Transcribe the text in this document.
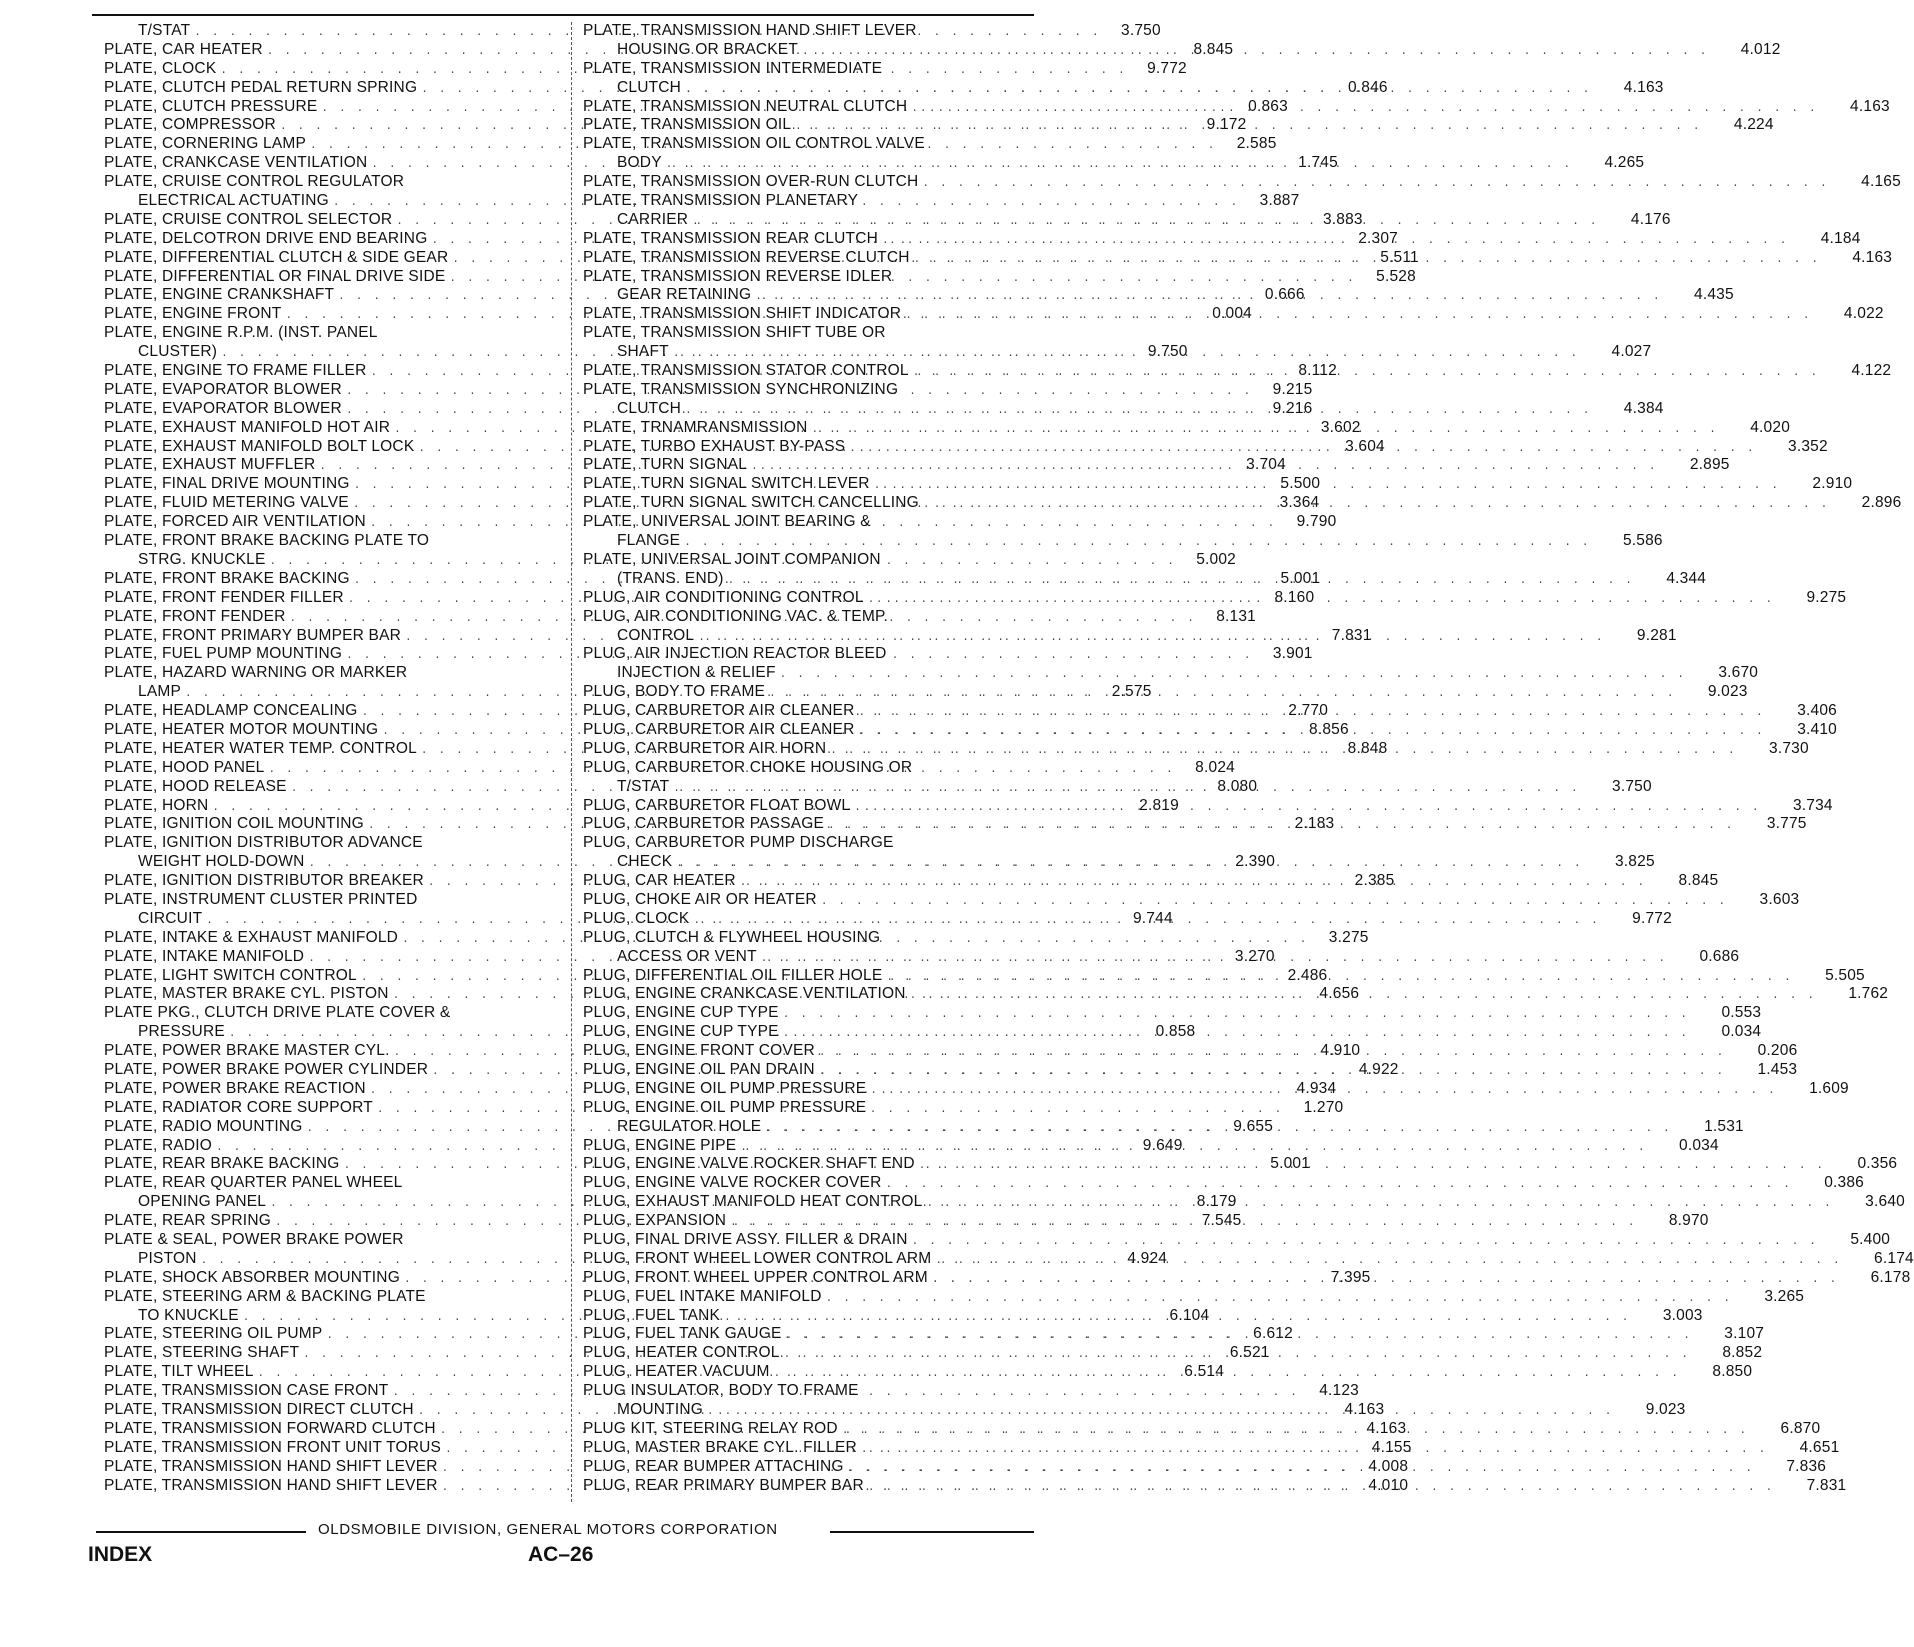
T/STAT . . .	3.750
PLATE, CAR HEATER . . .	8.845
PLATE, CLOCK . . .	9.772
PLATE, CLUTCH PEDAL RETURN SPRING . . .	0.846
PLATE, CLUTCH PRESSURE . . .	0.863
PLATE, COMPRESSOR . . .	9.172
PLATE, CORNERING LAMP . . .	2.585
PLATE, CRANKCASE VENTILATION . . .	1.745
PLATE, CRUISE CONTROL REGULATOR
ELECTRICAL ACTUATING . . .	3.887
PLATE, CRUISE CONTROL SELECTOR . . .	3.883
PLATE, DELCOTRON DRIVE END BEARING . . .	2.307
PLATE, DIFFERENTIAL CLUTCH & SIDE GEAR . . .	5.511
PLATE, DIFFERENTIAL OR FINAL DRIVE SIDE . . .	5.528
PLATE, ENGINE CRANKSHAFT . . .	0.666
PLATE, ENGINE FRONT . . .	0.004
PLATE, ENGINE R.P.M. (INST. PANEL
CLUSTER) . . .	9.750
PLATE, ENGINE TO FRAME FILLER . . .	8.112
PLATE, EVAPORATOR BLOWER . . .	9.215
PLATE, EVAPORATOR BLOWER . . .	9.216
PLATE, EXHAUST MANIFOLD HOT AIR . . .	3.602
PLATE, EXHAUST MANIFOLD BOLT LOCK . . .	3.604
PLATE, EXHAUST MUFFLER . . .	3.704
PLATE, FINAL DRIVE MOUNTING . . .	5.500
PLATE, FLUID METERING VALVE . . .	3.364
PLATE, FORCED AIR VENTILATION . . .	9.790
PLATE, FRONT BRAKE BACKING PLATE TO
STRG. KNUCKLE . . .	5.002
PLATE, FRONT BRAKE BACKING . . .	5.001
PLATE, FRONT FENDER FILLER . . .	8.160
PLATE, FRONT FENDER . . .	8.131
PLATE, FRONT PRIMARY BUMPER BAR . . .	7.831
PLATE, FUEL PUMP MOUNTING . . .	3.901
PLATE, HAZARD WARNING OR MARKER
LAMP . . .	2.575
PLATE, HEADLAMP CONCEALING . . .	2.770
PLATE, HEATER MOTOR MOUNTING . . .	8.856
PLATE, HEATER WATER TEMP. CONTROL . . .	8.848
PLATE, HOOD PANEL . . .	8.024
PLATE, HOOD RELEASE . . .	8.080
PLATE, HORN . . .	2.819
PLATE, IGNITION COIL MOUNTING . . .	2.183
PLATE, IGNITION DISTRIBUTOR ADVANCE
WEIGHT HOLD-DOWN . . .	2.390
PLATE, IGNITION DISTRIBUTOR BREAKER . . .	2.385
PLATE, INSTRUMENT CLUSTER PRINTED
CIRCUIT . . .	9.744
PLATE, INTAKE & EXHAUST MANIFOLD . . .	3.275
PLATE, INTAKE MANIFOLD . . .	3.270
PLATE, LIGHT SWITCH CONTROL . . .	2.486
PLATE, MASTER BRAKE CYL. PISTON . . .	4.656
PLATE PKG., CLUTCH DRIVE PLATE COVER &
PRESSURE . . .	0.858
PLATE, POWER BRAKE MASTER CYL. . . .	4.910
PLATE, POWER BRAKE POWER CYLINDER . . .	4.922
PLATE, POWER BRAKE REACTION . . .	4.934
PLATE, RADIATOR CORE SUPPORT . . .	1.270
PLATE, RADIO MOUNTING . . .	9.655
PLATE, RADIO . . .	9.649
PLATE, REAR BRAKE BACKING . . .	5.001
PLATE, REAR QUARTER PANEL WHEEL
OPENING PANEL . . .	8.179
PLATE, REAR SPRING . . .	7.545
PLATE & SEAL, POWER BRAKE POWER
PISTON . . .	4.924
PLATE, SHOCK ABSORBER MOUNTING . . .	7.395
PLATE, STEERING ARM & BACKING PLATE
TO KNUCKLE . . .	6.104
PLATE, STEERING OIL PUMP . . .	6.612
PLATE, STEERING SHAFT . . .	6.521
PLATE, TILT WHEEL . . .	6.514
PLATE, TRANSMISSION CASE FRONT . . .	4.123
PLATE, TRANSMISSION DIRECT CLUTCH . . .	4.163
PLATE, TRANSMISSION FORWARD CLUTCH . . .	4.163
PLATE, TRANSMISSION FRONT UNIT TORUS . . .	4.155
PLATE, TRANSMISSION HAND SHIFT LEVER . . .	4.008
PLATE, TRANSMISSION HAND SHIFT LEVER . . .	4.010
PLATE, TRANSMISSION HAND SHIFT LEVER
HOUSING OR BRACKET . . .	4.012
PLATE, TRANSMISSION INTERMEDIATE
CLUTCH . . .	4.163
PLATE, TRANSMISSION NEUTRAL CLUTCH . . .	4.163
PLATE, TRANSMISSION OIL . . .	4.224
PLATE, TRANSMISSION OIL CONTROL VALVE
BODY . . .	4.265
PLATE, TRANSMISSION OVER-RUN CLUTCH . . .	4.165
PLATE, TRANSMISSION PLANETARY
CARRIER . . .	4.176
PLATE, TRANSMISSION REAR CLUTCH . . .	4.184
PLATE, TRANSMISSION REVERSE CLUTCH . . .	4.163
PLATE, TRANSMISSION REVERSE IDLER
GEAR RETAINING . . .	4.435
PLATE, TRANSMISSION SHIFT INDICATOR . . .	4.022
PLATE, TRANSMISSION SHIFT TUBE OR
SHAFT . . .	4.027
PLATE, TRANSMISSION STATOR CONTROL . . .	4.122
PLATE, TRANSMISSION SYNCHRONIZING
CLUTCH . . .	4.384
PLATE, TRNAMRANSMISSION . . .	4.020
PLATE, TURBO EXHAUST BY-PASS . . .	3.352
PLATE, TURN SIGNAL . . .	2.895
PLATE, TURN SIGNAL SWITCH LEVER . . .	2.910
PLATE, TURN SIGNAL SWITCH CANCELLING . . .	2.896
PLATE, UNIVERSAL JOINT BEARING &
FLANGE . . .	5.586
PLATE, UNIVERSAL JOINT COMPANION
(TRANS. END) . . .	4.344
PLUG, AIR CONDITIONING CONTROL . . .	9.275
PLUG, AIR CONDITIONING VAC. & TEMP.
CONTROL . . .	9.281
PLUG, AIR INJECTION REACTOR BLEED
INJECTION & RELIEF . . .	3.670
PLUG, BODY TO FRAME . . .	9.023
PLUG, CARBURETOR AIR CLEANER . . .	3.406
PLUG, CARBURETOR AIR CLEANER . . .	3.410
PLUG, CARBURETOR AIR HORN . . .	3.730
PLUG, CARBURETOR CHOKE HOUSING OR
T/STAT . . .	3.750
PLUG, CARBURETOR FLOAT BOWL . . .	3.734
PLUG, CARBURETOR PASSAGE . . .	3.775
PLUG, CARBURETOR PUMP DISCHARGE
CHECK . . .	3.825
PLUG, CAR HEATER . . .	8.845
PLUG, CHOKE AIR OR HEATER . . .	3.603
PLUG, CLOCK . . .	9.772
PLUG, CLUTCH & FLYWHEEL HOUSING
ACCESS OR VENT . . .	0.686
PLUG, DIFFERENTIAL OIL FILLER HOLE . . .	5.505
PLUG, ENGINE CRANKCASE VENTILATION . . .	1.762
PLUG, ENGINE CUP TYPE . . .	0.553
PLUG, ENGINE CUP TYPE . . .	0.034
PLUG, ENGINE FRONT COVER . . .	0.206
PLUG, ENGINE OIL PAN DRAIN . . .	1.453
PLUG, ENGINE OIL PUMP PRESSURE . . .	1.609
PLUG, ENGINE OIL PUMP PRESSURE
REGULATOR HOLE . . .	1.531
PLUG, ENGINE PIPE . . .	0.034
PLUG, ENGINE VALVE ROCKER SHAFT END . . .	0.356
PLUG, ENGINE VALVE ROCKER COVER . . .	0.386
PLUG, EXHAUST MANIFOLD HEAT CONTROL . . .	3.640
PLUG, EXPANSION . . .	8.970
PLUG, FINAL DRIVE ASSY. FILLER & DRAIN . . .	5.400
PLUG, FRONT WHEEL LOWER CONTROL ARM . . .	6.174
PLUG, FRONT WHEEL UPPER CONTROL ARM . . .	6.178
PLUG, FUEL INTAKE MANIFOLD . . .	3.265
PLUG, FUEL TANK . . .	3.003
PLUG, FUEL TANK GAUGE . . .	3.107
PLUG, HEATER CONTROL . . .	8.852
PLUG, HEATER VACUUM . . .	8.850
PLUG INSULATOR, BODY TO FRAME
MOUNTING . . .	9.023
PLUG KIT, STEERING RELAY ROD . . .	6.870
PLUG, MASTER BRAKE CYL. FILLER . . .	4.651
PLUG, REAR BUMPER ATTACHING . . .	7.836
PLUG, REAR PRIMARY BUMPER BAR . . .	7.831
OLDSMOBILE DIVISION, GENERAL MOTORS CORPORATION
INDEX	AC–26
